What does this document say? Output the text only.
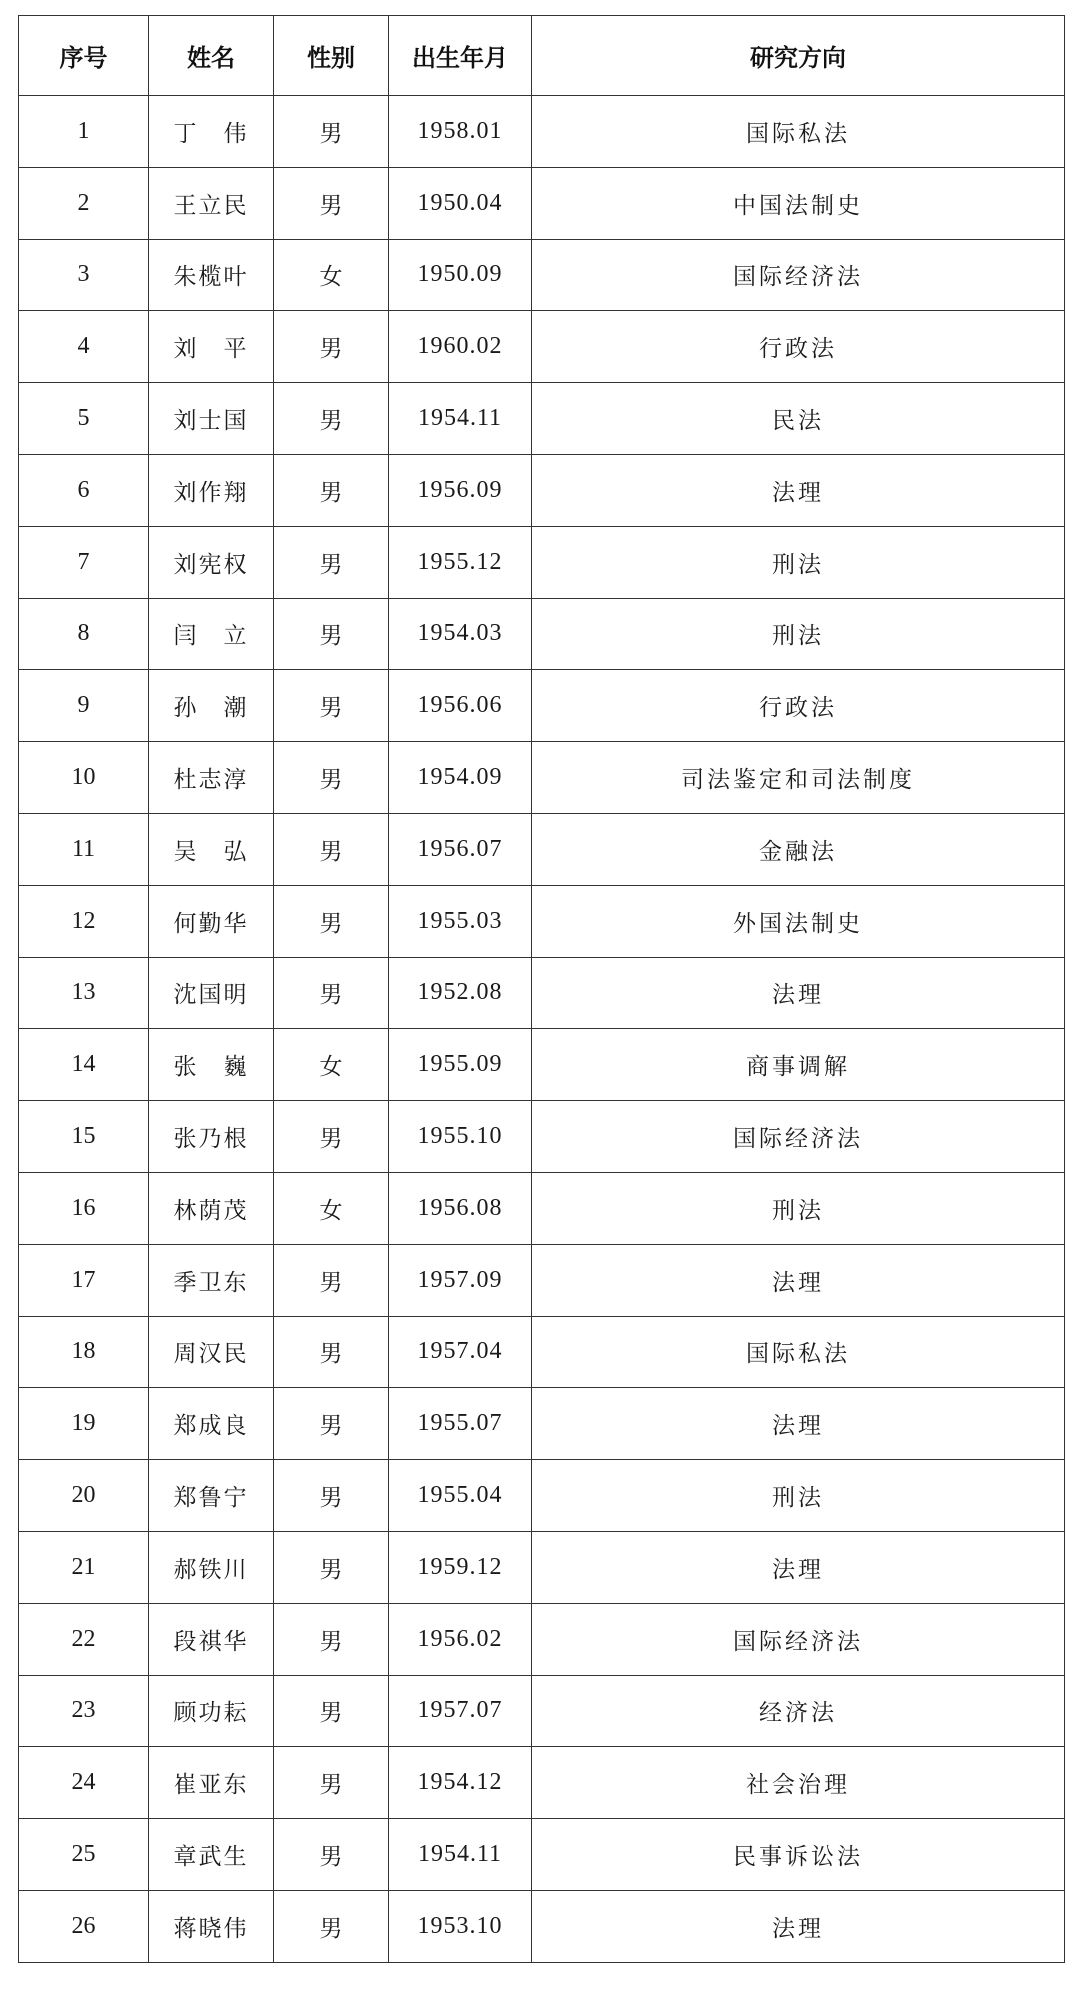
序号	姓名	性别	出生年月	研究方向
1	丁　伟	男	1958.01	国际私法
2	王立民	男	1950.04	中国法制史
3	朱榄叶	女	1950.09	国际经济法
4	刘　平	男	1960.02	行政法
5	刘士国	男	1954.11	民法
6	刘作翔	男	1956.09	法理
7	刘宪权	男	1955.12	刑法
8	闫　立	男	1954.03	刑法
9	孙　潮	男	1956.06	行政法
10	杜志淳	男	1954.09	司法鉴定和司法制度
11	吴　弘	男	1956.07	金融法
12	何勤华	男	1955.03	外国法制史
13	沈国明	男	1952.08	法理
14	张　巍	女	1955.09	商事调解
15	张乃根	男	1955.10	国际经济法
16	林荫茂	女	1956.08	刑法
17	季卫东	男	1957.09	法理
18	周汉民	男	1957.04	国际私法
19	郑成良	男	1955.07	法理
20	郑鲁宁	男	1955.04	刑法
21	郝铁川	男	1959.12	法理
22	段祺华	男	1956.02	国际经济法
23	顾功耘	男	1957.07	经济法
24	崔亚东	男	1954.12	社会治理
25	章武生	男	1954.11	民事诉讼法
26	蒋晓伟	男	1953.10	法理
